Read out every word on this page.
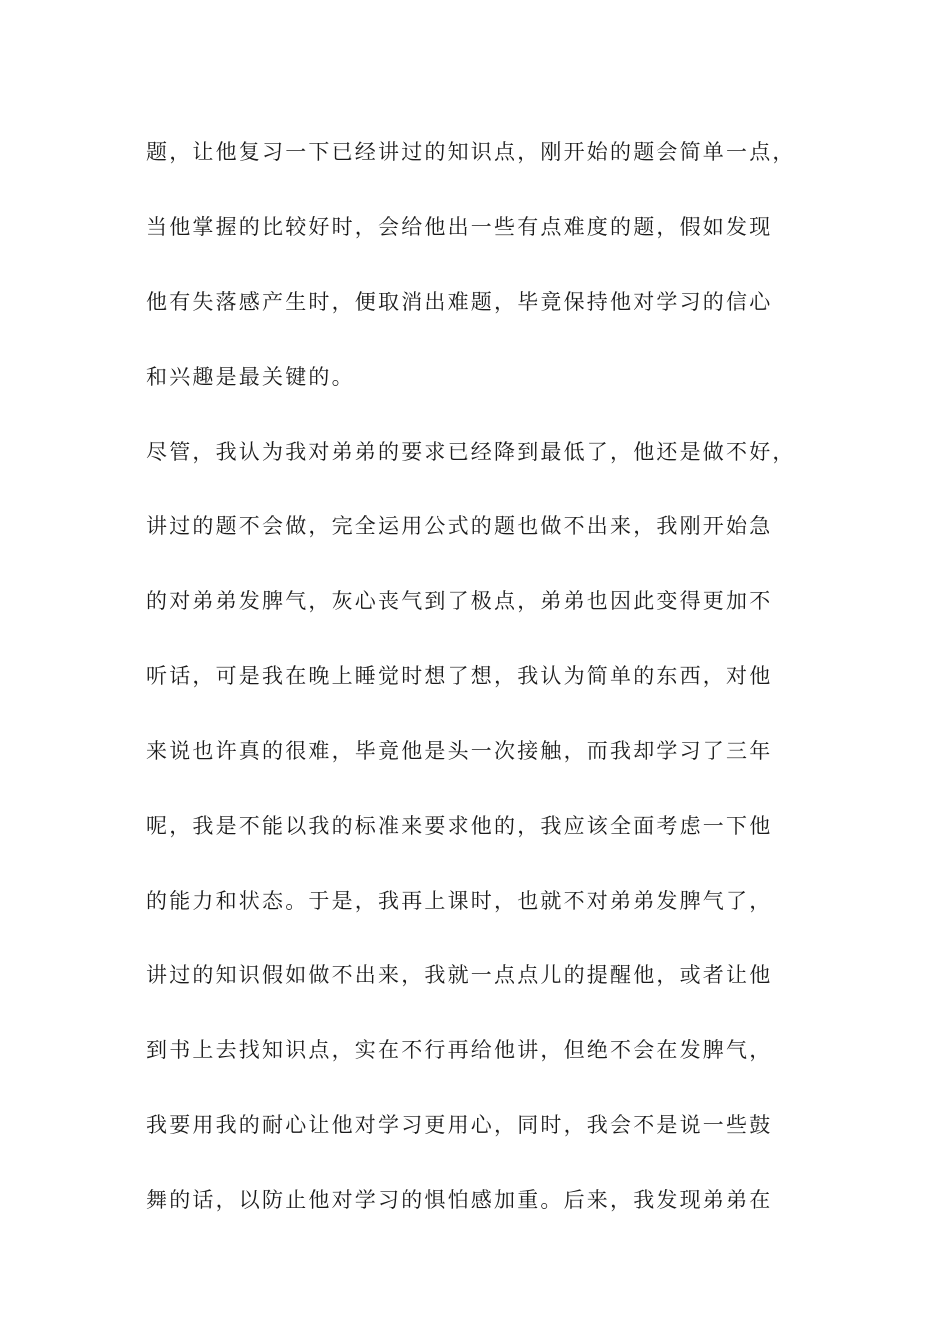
题，让他复习一下已经讲过的知识点，刚开始的题会简单一点，
当他掌握的比较好时，会给他出一些有点难度的题，假如发现
他有失落感产生时，便取消出难题，毕竟保持他对学习的信心
和兴趣是最关键的。
尽管，我认为我对弟弟的要求已经降到最低了，他还是做不好，
讲过的题不会做，完全运用公式的题也做不出来，我刚开始急
的对弟弟发脾气，灰心丧气到了极点，弟弟也因此变得更加不
听话，可是我在晚上睡觉时想了想，我认为简单的东西，对他
来说也许真的很难，毕竟他是头一次接触，而我却学习了三年
呢，我是不能以我的标准来要求他的，我应该全面考虑一下他
的能力和状态。于是，我再上课时，也就不对弟弟发脾气了，
讲过的知识假如做不出来，我就一点点儿的提醒他，或者让他
到书上去找知识点，实在不行再给他讲，但绝不会在发脾气，
我要用我的耐心让他对学习更用心，同时，我会不是说一些鼓
舞的话，以防止他对学习的惧怕感加重。后来，我发现弟弟在
